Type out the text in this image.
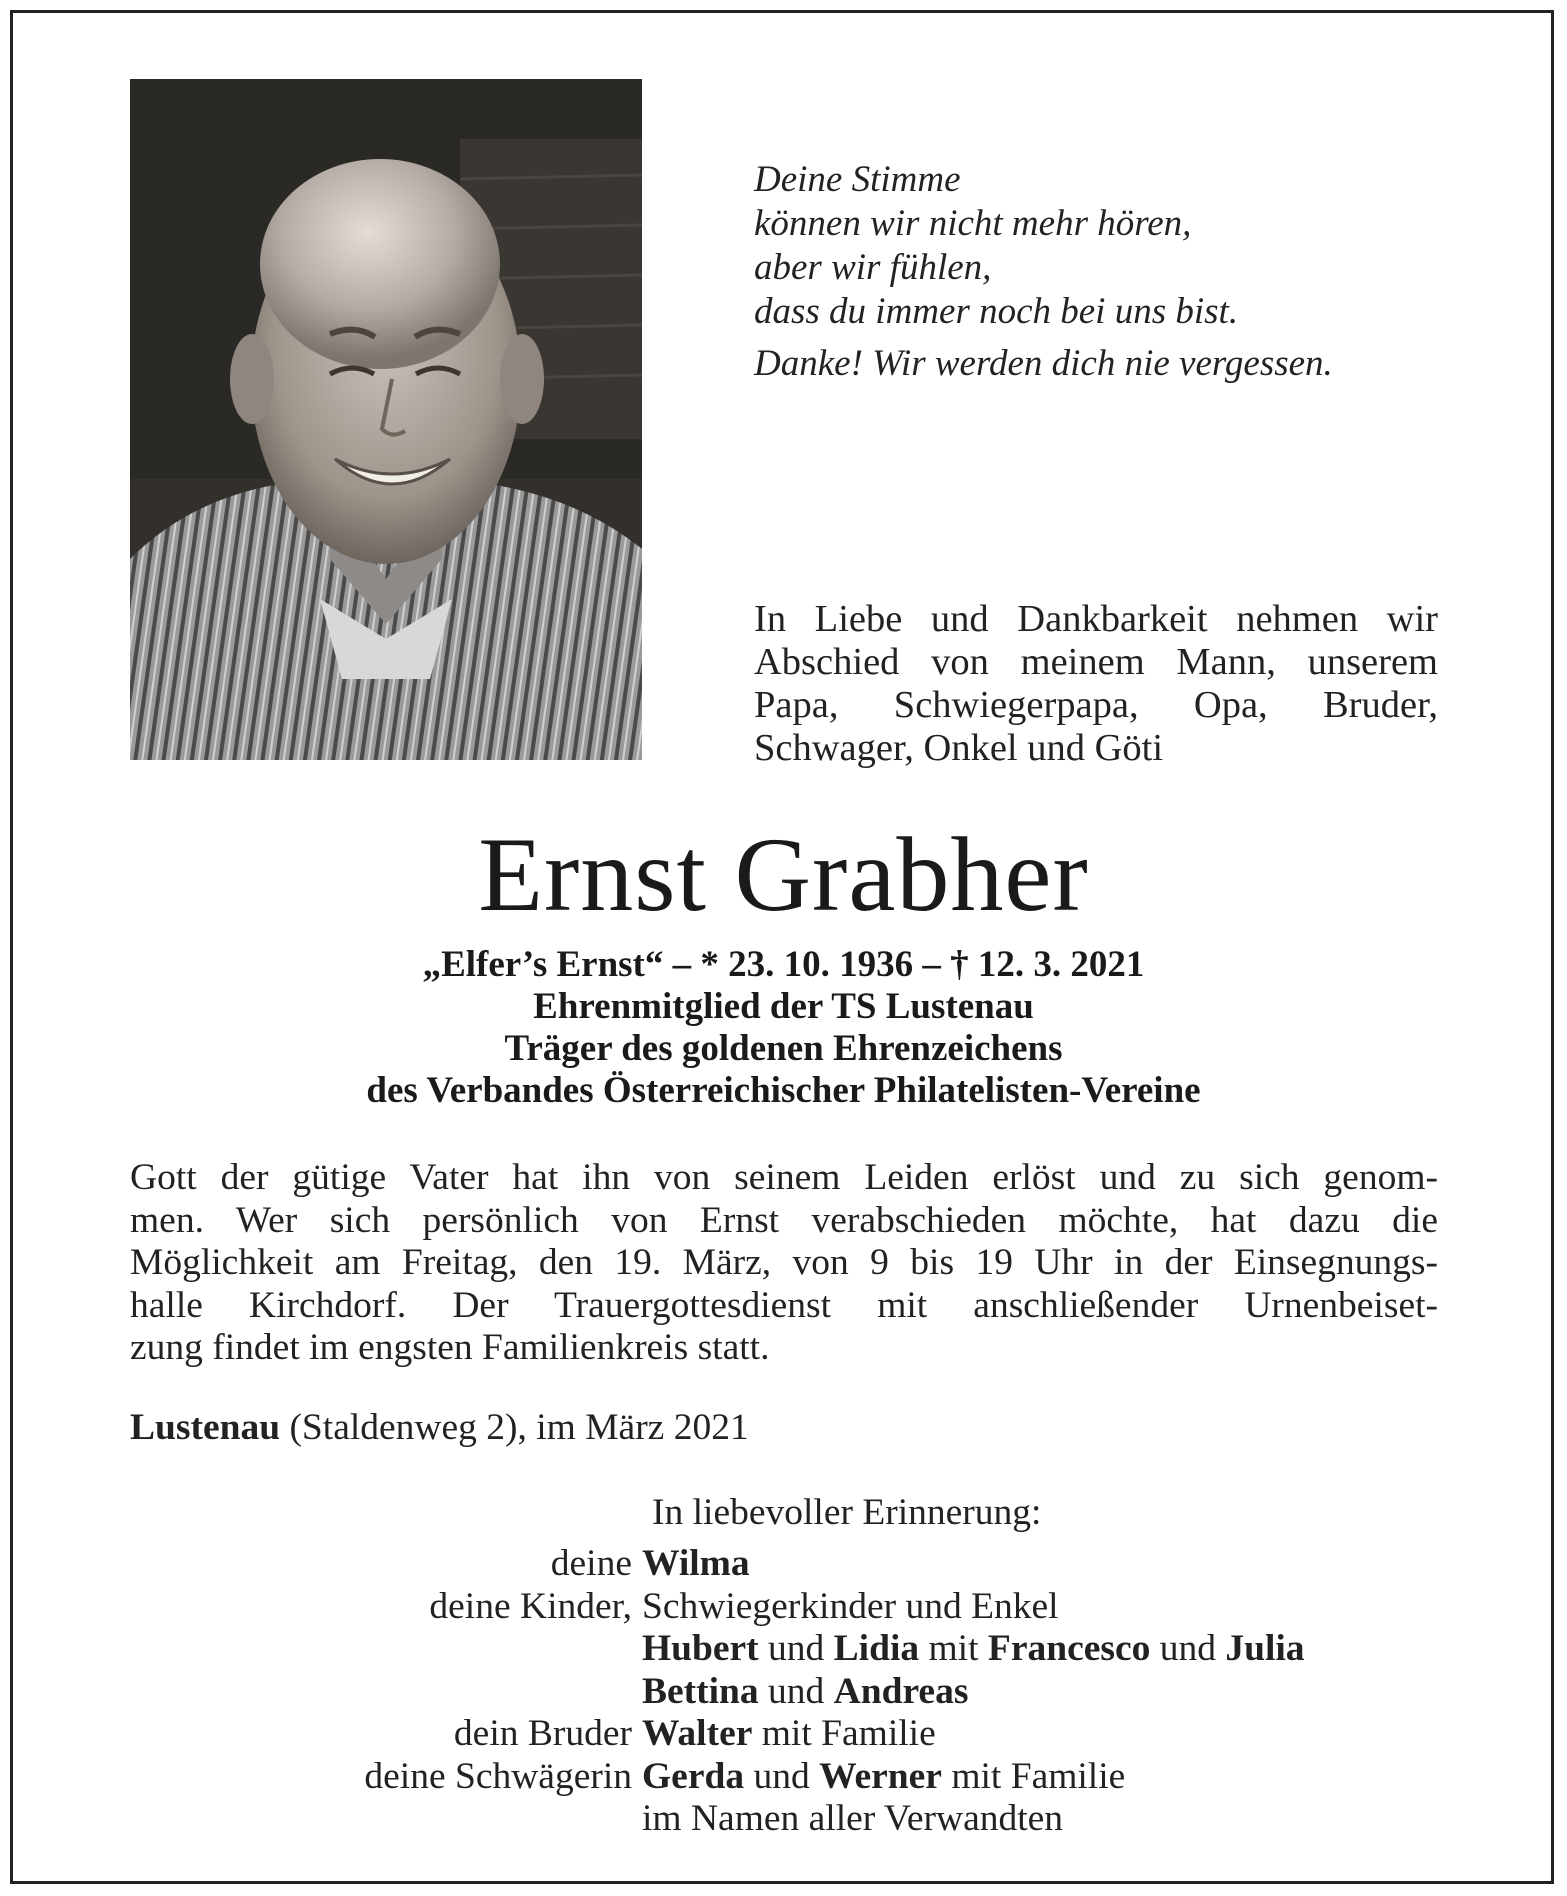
Deine Stimme
können wir nicht mehr hören,
aber wir fühlen,
dass du immer noch bei uns bist.
Danke! Wir werden dich nie vergessen.
In Liebe und Dankbarkeit nehmen wir
Abschied von meinem Mann, unserem
Papa, Schwiegerpapa, Opa, Bruder,
Schwager, Onkel und Göti
Ernst Grabher
„Elfer’s Ernst“ – * 23. 10. 1936 – † 12. 3. 2021
Ehrenmitglied der TS Lustenau
Träger des goldenen Ehrenzeichens
des Verbandes Österreichischer Philatelisten-Vereine
Gott der gütige Vater hat ihn von seinem Leiden erlöst und zu sich genom-
men. Wer sich persönlich von Ernst verabschieden möchte, hat dazu die
Möglichkeit am Freitag, den 19. März, von 9 bis 19 Uhr in der Einsegnungs-
halle Kirchdorf. Der Trauergottesdienst mit anschließender Urnenbeiset-
zung findet im engsten Familienkreis statt.
Lustenau (Staldenweg 2), im März 2021
In liebevoller Erinnerung:
deine Wilma
deine Kinder, Schwiegerkinder und Enkel
Hubert und Lidia mit Francesco und Julia
Bettina und Andreas
dein Bruder Walter mit Familie
deine Schwägerin Gerda und Werner mit Familie
im Namen aller Verwandten
